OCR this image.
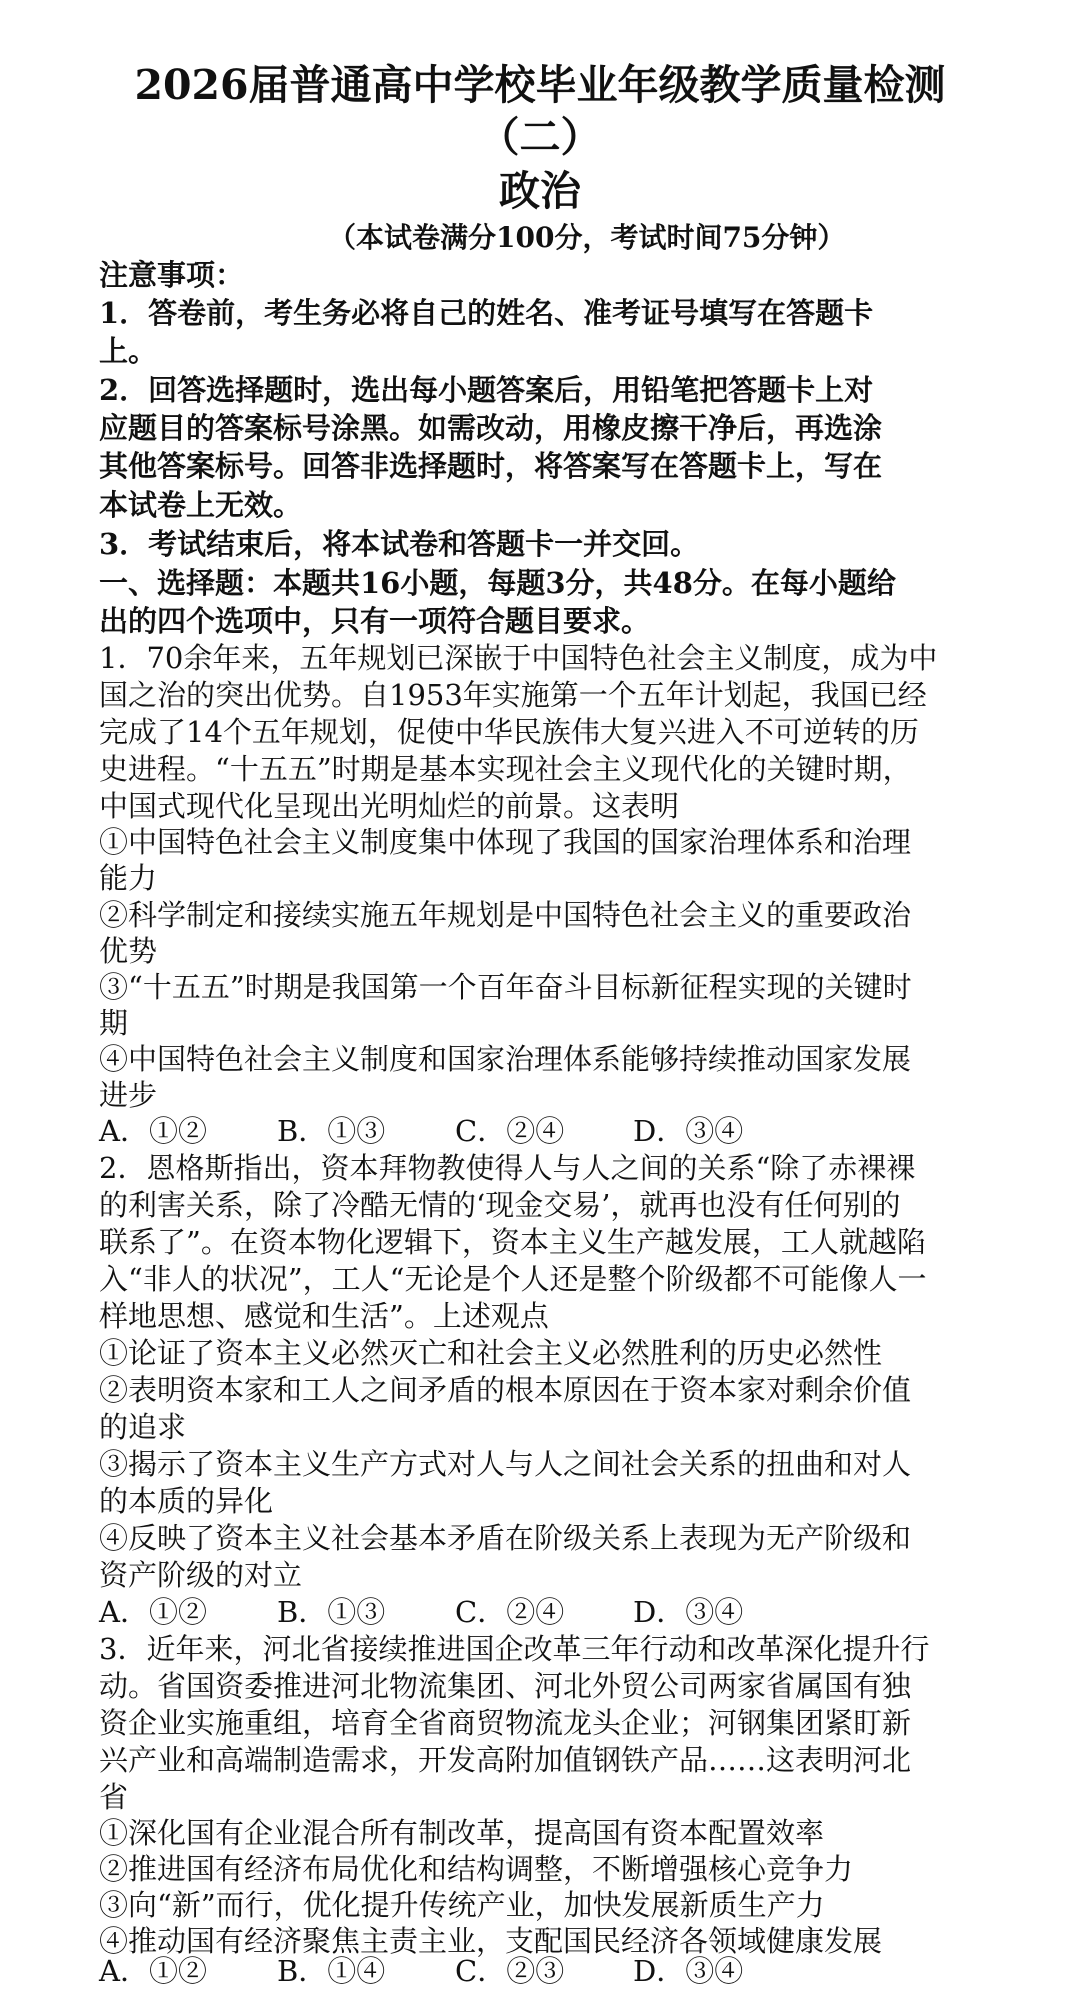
2026届普通高中学校毕业年级教学质量检测
（二）
政治
（本试卷满分100分，考试时间75分钟）
注意事项：
1．答卷前，考生务必将自己的姓名、准考证号填写在答题卡
上。
2．回答选择题时，选出每小题答案后，用铅笔把答题卡上对
应题目的答案标号涂黑。如需改动，用橡皮擦干净后，再选涂
其他答案标号。回答非选择题时，将答案写在答题卡上，写在
本试卷上无效。
3．考试结束后，将本试卷和答题卡一并交回。
一、选择题：本题共16小题，每题3分，共48分。在每小题给
出的四个选项中，只有一项符合题目要求。
1．70余年来，五年规划已深嵌于中国特色社会主义制度，成为中
国之治的突出优势。自1953年实施第一个五年计划起，我国已经
完成了14个五年规划，促使中华民族伟大复兴进入不可逆转的历
史进程。“十五五”时期是基本实现社会主义现代化的关键时期，
中国式现代化呈现出光明灿烂的前景。这表明
①中国特色社会主义制度集中体现了我国的国家治理体系和治理
能力
②科学制定和接续实施五年规划是中国特色社会主义的重要政治
优势
③“十五五”时期是我国第一个百年奋斗目标新征程实现的关键时
期
④中国特色社会主义制度和国家治理体系能够持续推动国家发展
进步
A．①② B．①③ C．②④ D．③④
2．恩格斯指出，资本拜物教使得人与人之间的关系“除了赤裸裸
的利害关系，除了冷酷无情的‘现金交易’，就再也没有任何别的
联系了”。在资本物化逻辑下，资本主义生产越发展，工人就越陷
入“非人的状况”，工人“无论是个人还是整个阶级都不可能像人一
样地思想、感觉和生活”。上述观点
①论证了资本主义必然灭亡和社会主义必然胜利的历史必然性
②表明资本家和工人之间矛盾的根本原因在于资本家对剩余价值
的追求
③揭示了资本主义生产方式对人与人之间社会关系的扭曲和对人
的本质的异化
④反映了资本主义社会基本矛盾在阶级关系上表现为无产阶级和
资产阶级的对立
A．①② B．①③ C．②④ D．③④
3．近年来，河北省接续推进国企改革三年行动和改革深化提升行
动。省国资委推进河北物流集团、河北外贸公司两家省属国有独
资企业实施重组，培育全省商贸物流龙头企业；河钢集团紧盯新
兴产业和高端制造需求，开发高附加值钢铁产品……这表明河北
省
①深化国有企业混合所有制改革，提高国有资本配置效率
②推进国有经济布局优化和结构调整，不断增强核心竞争力
③向“新”而行，优化提升传统产业，加快发展新质生产力
④推动国有经济聚焦主责主业，支配国民经济各领域健康发展
A．①② B．①④ C．②③ D．③④
